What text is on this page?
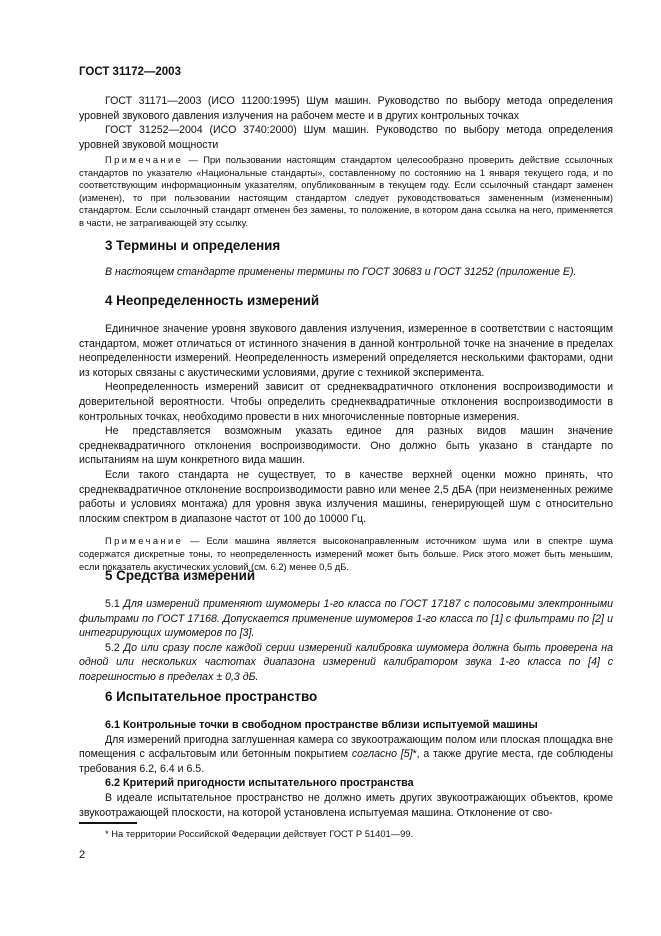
ГОСТ 31172—2003

ГОСТ 31171—2003 (ИСО 11200:1995) Шум машин. Руководство по выбору метода определения уровней звукового давления излучения на рабочем месте и в других контрольных точках

ГОСТ 31252—2004 (ИСО 3740:2000) Шум машин. Руководство по выбору метода определения уровней звуковой мощности

Примечание — При пользовании настоящим стандартом целесообразно проверить действие ссылочных стандартов по указателю «Национальные стандарты», составленному по состоянию на 1 января текущего года, и по соответствующим информационным указателям, опубликованным в текущем году. Если ссылочный стандарт заменен (изменен), то при пользовании настоящим стандартом следует руководствоваться замененным (измененным) стандартом. Если ссылочный стандарт отменен без замены, то положение, в котором дана ссылка на него, применяется в части, не затрагивающей эту ссылку.

3 Термины и определения

В настоящем стандарте применены термины по ГОСТ 30683 и ГОСТ 31252 (приложение Е).

4 Неопределенность измерений

Единичное значение уровня звукового давления излучения, измеренное в соответствии с настоящим стандартом, может отличаться от истинного значения в данной контрольной точке на значение в пределах неопределенности измерений. Неопределенность измерений определяется несколькими факторами, одни из которых связаны с акустическими условиями, другие с техникой эксперимента.

Неопределенность измерений зависит от среднеквадратичного отклонения воспроизводимости и доверительной вероятности. Чтобы определить среднеквадратичные отклонения воспроизводимости в контрольных точках, необходимо провести в них многочисленные повторные измерения.

Не представляется возможным указать единое для разных видов машин значение среднеквадратичного отклонения воспроизводимости. Оно должно быть указано в стандарте по испытаниям на шум конкретного вида машин.

Если такого стандарта не существует, то в качестве верхней оценки можно принять, что среднеквадратичное отклонение воспроизводимости равно или менее 2,5 дБА (при неизмененных режиме работы и условиях монтажа) для уровня звука излучения машины, генерирующей шум с относительно плоским спектром в диапазоне частот от 100 до 10000 Гц.

Примечание — Если машина является высоконаправленным источником шума или в спектре шума содержатся дискретные тоны, то неопределенность измерений может быть больше. Риск этого может быть меньшим, если показатель акустических условий (см. 6.2) менее 0,5 дБ.

5 Средства измерений

5.1 Для измерений применяют шумомеры 1-го класса по ГОСТ 17187 с полосовыми электронными фильтрами по ГОСТ 17168. Допускается применение шумомеров 1-го класса по [1] с фильтрами по [2] и интегрирующих шумомеров по [3].

5.2 До или сразу после каждой серии измерений калибровка шумомера должна быть проверена на одной или нескольких частотах диапазона измерений калибратором звука 1-го класса по [4] с погрешностью в пределах ± 0,3 дБ.

6 Испытательное пространство

6.1 Контрольные точки в свободном пространстве вблизи испытуемой машины

Для измерений пригодна заглушенная камера со звукоотражающим полом или плоская площадка вне помещения с асфальтовым или бетонным покрытием согласно [5]*, а также другие места, где соблюдены требования 6.2, 6.4 и 6.5.

6.2 Критерий пригодности испытательного пространства

В идеале испытательное пространство не должно иметь других звукоотражающих объектов, кроме звукоотражающей плоскости, на которой установлена испытуемая машина. Отклонение от сво-

* На территории Российской Федерации действует ГОСТ Р 51401—99.
2
